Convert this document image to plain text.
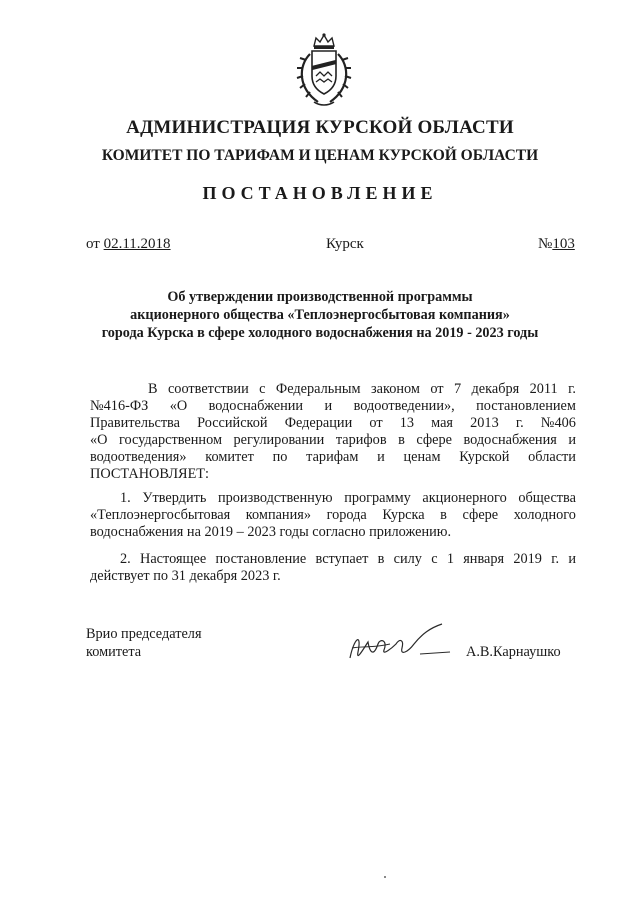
АДМИНИСТРАЦИЯ КУРСКОЙ ОБЛАСТИ
КОМИТЕТ ПО ТАРИФАМ И ЦЕНАМ КУРСКОЙ ОБЛАСТИ
ПОСТАНОВЛЕНИЕ
от 02.11.2018	Курск	№103
Об утверждении производственной программы
акционерного общества «Теплоэнергосбытовая компания»
города Курска в сфере холодного водоснабжения на 2019 - 2023 годы
В соответствии с Федеральным законом от 7 декабря 2011 г.
№416-ФЗ «О водоснабжении и водоотведении», постановлением
Правительства Российской Федерации от 13 мая 2013 г. №406
«О государственном регулировании тарифов в сфере водоснабжения и
водоотведения» комитет по тарифам и ценам Курской области
ПОСТАНОВЛЯЕТ:
1. Утвердить производственную программу акционерного общества
«Теплоэнергосбытовая компания» города Курска в сфере холодного
водоснабжения на 2019 – 2023 годы согласно приложению.
2. Настоящее постановление вступает в силу с 1 января 2019 г. и
действует по 31 декабря 2023 г.
Врио председателя
комитета	А.В.Карнаушко
